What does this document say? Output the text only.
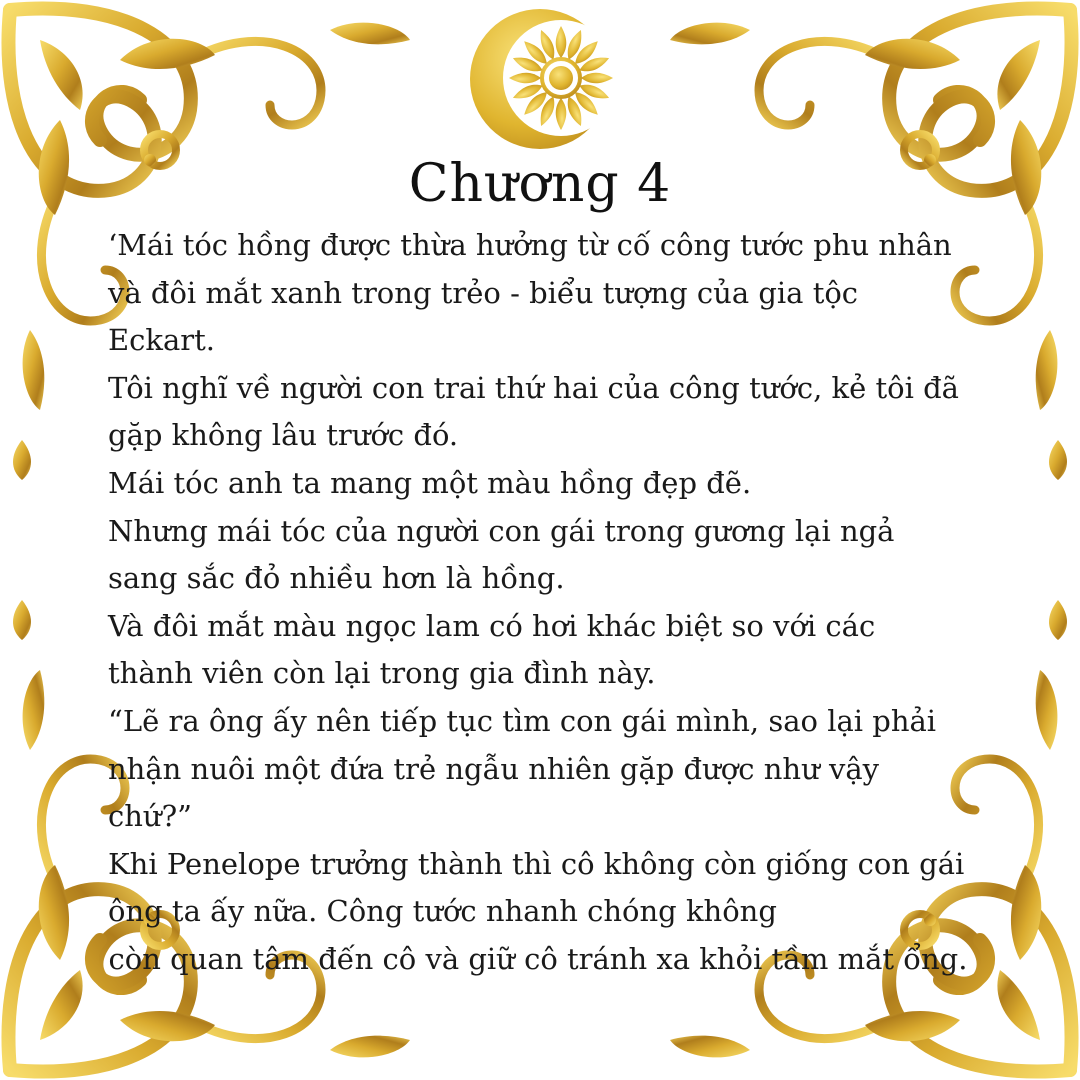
Chương 4

‘Mái tóc hồng được thừa hưởng từ cố công tước phu nhân và đôi mắt xanh trong trẻo - biểu tượng của gia tộc Eckart.

Tôi nghĩ về người con trai thứ hai của công tước, kẻ tôi đã gặp không lâu trước đó.

Mái tóc anh ta mang một màu hồng đẹp đẽ.

Nhưng mái tóc của người con gái trong gương lại ngả sang sắc đỏ nhiều hơn là hồng.

Và đôi mắt màu ngọc lam có hơi khác biệt so với các thành viên còn lại trong gia đình này.

“Lẽ ra ông ấy nên tiếp tục tìm con gái mình, sao lại phải nhận nuôi một đứa trẻ ngẫu nhiên gặp được như vậy chứ?”

Khi Penelope trưởng thành thì cô không còn giống con gái ông ta ấy nữa. Công tước nhanh chóng không

còn quan tâm đến cô và giữ cô tránh xa khỏi tầm mắt ổng.
